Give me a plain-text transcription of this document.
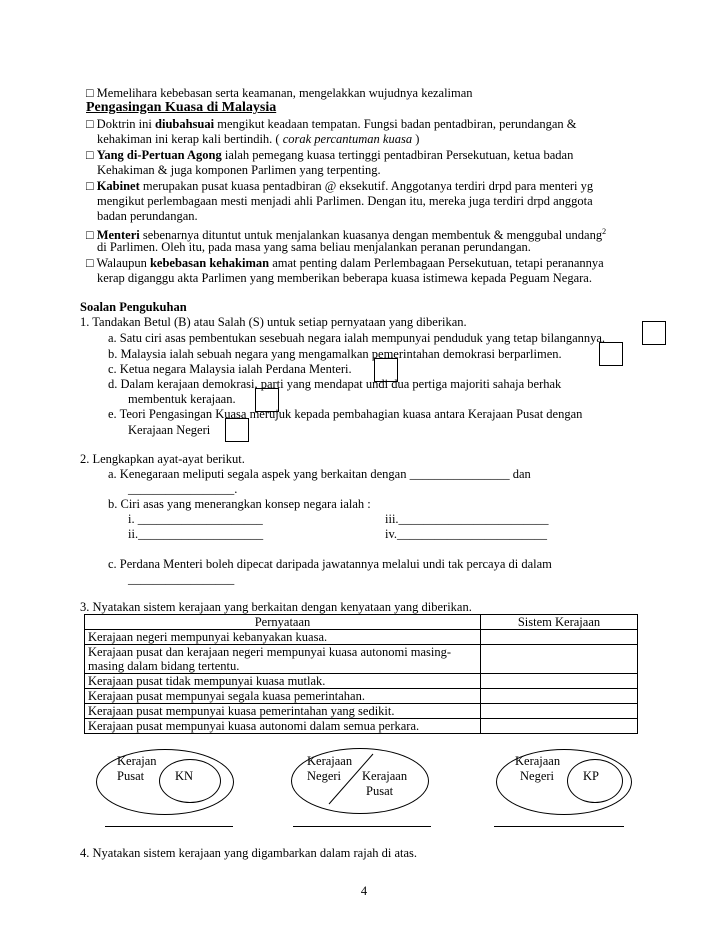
□ Memelihara kebebasan serta keamanan, mengelakkan wujudnya kezaliman
Pengasingan Kuasa di Malaysia
□ Doktrin ini diubahsuai mengikut keadaan tempatan. Fungsi badan pentadbiran, perundangan &
kehakiman ini kerap kali bertindih. ( corak percantuman kuasa )
□ Yang di-Pertuan Agong ialah pemegang kuasa tertinggi pentadbiran Persekutuan, ketua badan
Kehakiman & juga komponen Parlimen yang terpenting.
□ Kabinet merupakan pusat kuasa pentadbiran @ eksekutif. Anggotanya terdiri drpd para menteri yg
mengikut perlembagaan mesti menjadi ahli Parlimen. Dengan itu, mereka juga terdiri drpd anggota
badan perundangan.
□ Menteri sebenarnya dituntut untuk menjalankan kuasanya dengan membentuk & menggubal undang$^2$
di Parlimen. Oleh itu, pada masa yang sama beliau menjalankan peranan perundangan.
□ Walaupun kebebasan kehakiman amat penting dalam Perlembagaan Persekutuan, tetapi peranannya
kerap diganggu akta Parlimen yang memberikan beberapa kuasa istimewa kepada Peguam Negara.
Soalan Pengukuhan
1. Tandakan Betul (B) atau Salah (S) untuk setiap pernyataan yang diberikan.
a. Satu ciri asas pembentukan sesebuah negara ialah mempunyai penduduk yang tetap bilangannya.
b. Malaysia ialah sebuah negara yang mengamalkan pemerintahan demokrasi berparlimen.
c. Ketua negara Malaysia ialah Perdana Menteri.
d. Dalam kerajaan demokrasi, parti yang mendapat undi dua pertiga majoriti sahaja berhak
membentuk kerajaan.
e. Teori Pengasingan Kuasa merujuk kepada pembahagian kuasa antara Kerajaan Pusat dengan
Kerajaan Negeri
2. Lengkapkan ayat-ayat berikut.
a. Kenegaraan meliputi segala aspek yang berkaitan dengan ________________ dan
_________________.
b. Ciri asas yang menerangkan konsep negara ialah :
i. ____________________	iii.________________________
ii.____________________	iv.________________________
c. Perdana Menteri boleh dipecat daripada jawatannya melalui undi tak percaya di dalam
_________________
3. Nyatakan sistem kerajaan yang berkaitan dengan kenyataan yang diberikan.
Pernyataan	Sistem Kerajaan
Kerajaan negeri mempunyai kebanyakan kuasa.	
Kerajaan pusat dan kerajaan negeri mempunyai kuasa autonomi masing-
masing dalam bidang tertentu.	
Kerajaan pusat tidak mempunyai kuasa mutlak.	
Kerajaan pusat mempunyai segala kuasa pemerintahan.	
Kerajaan pusat mempunyai kuasa pemerintahan yang sedikit.	
Kerajaan pusat mempunyai kuasa autonomi dalam semua perkara.	
Kerajan
Pusat KN
Kerajaan
Negeri Kerajaan
Pusat
Kerajaan
Negeri KP
4. Nyatakan sistem kerajaan yang digambarkan dalam rajah di atas.
4
